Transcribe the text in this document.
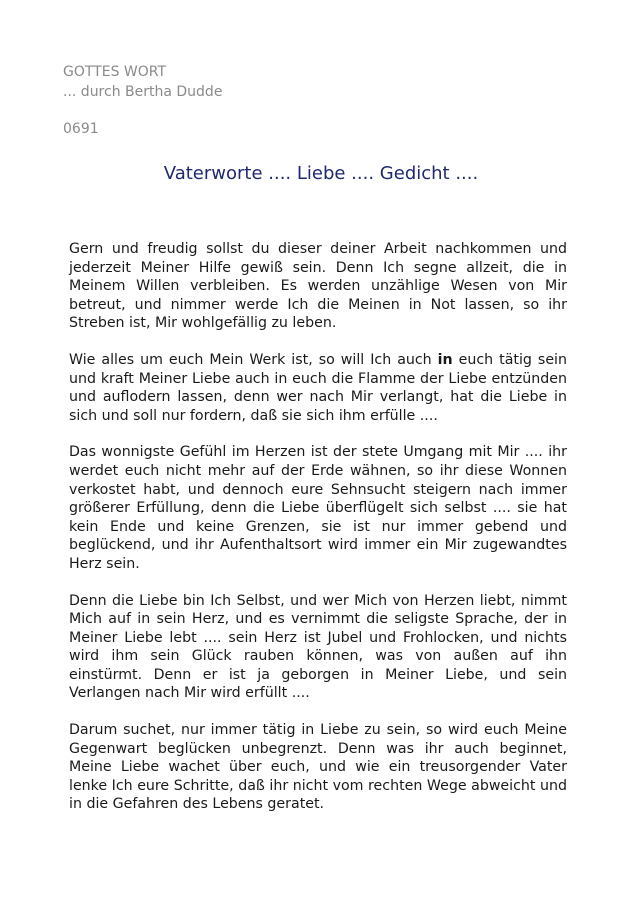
GOTTES WORT
... durch Bertha Dudde
0691
Vaterworte .... Liebe .... Gedicht ....

Gern und freudig sollst du dieser deiner Arbeit nachkommen und jederzeit Meiner Hilfe gewiß sein. Denn Ich segne allzeit, die in Meinem Willen verbleiben. Es werden unzählige Wesen von Mir betreut, und nimmer werde Ich die Meinen in Not lassen, so ihr Streben ist, Mir wohlgefällig zu leben.

Wie alles um euch Mein Werk ist, so will Ich auch in euch tätig sein und kraft Meiner Liebe auch in euch die Flamme der Liebe entzünden und auflodern lassen, denn wer nach Mir verlangt, hat die Liebe in sich und soll nur fordern, daß sie sich ihm erfülle ....

Das wonnigste Gefühl im Herzen ist der stete Umgang mit Mir .... ihr werdet euch nicht mehr auf der Erde wähnen, so ihr diese Wonnen verkostet habt, und dennoch eure Sehnsucht steigern nach immer größerer Erfüllung, denn die Liebe überflügelt sich selbst .... sie hat kein Ende und keine Grenzen, sie ist nur immer gebend und beglückend, und ihr Aufenthaltsort wird immer ein Mir zugewandtes Herz sein.

Denn die Liebe bin Ich Selbst, und wer Mich von Herzen liebt, nimmt Mich auf in sein Herz, und es vernimmt die seligste Sprache, der in Meiner Liebe lebt .... sein Herz ist Jubel und Frohlocken, und nichts wird ihm sein Glück rauben können, was von außen auf ihn einstürmt. Denn er ist ja geborgen in Meiner Liebe, und sein Verlangen nach Mir wird erfüllt ....

Darum suchet, nur immer tätig in Liebe zu sein, so wird euch Meine Gegenwart beglücken unbegrenzt. Denn was ihr auch beginnet, Meine Liebe wachet über euch, und wie ein treusorgender Vater lenke Ich eure Schritte, daß ihr nicht vom rechten Wege abweicht und in die Gefahren des Lebens geratet.
